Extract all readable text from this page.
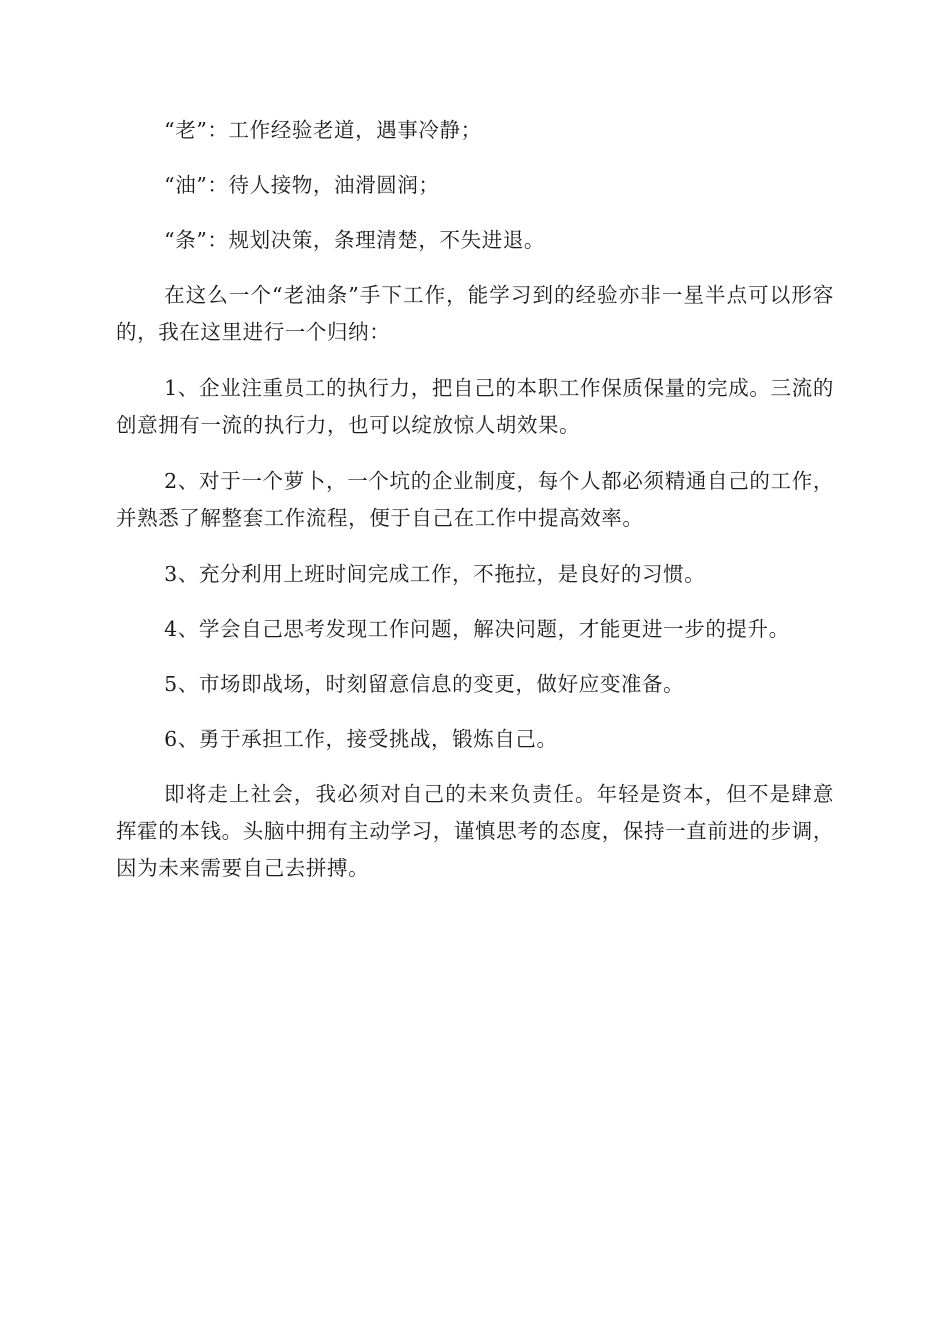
“老”：工作经验老道，遇事冷静；

“油”：待人接物，油滑圆润；

“条”：规划决策，条理清楚，不失进退。

在这么一个“老油条”手下工作，能学习到的经验亦非一星半点可以形容的，我在这里进行一个归纳：

1、企业注重员工的执行力，把自己的本职工作保质保量的完成。三流的创意拥有一流的执行力，也可以绽放惊人胡效果。

2、对于一个萝卜，一个坑的企业制度，每个人都必须精通自己的工作，并熟悉了解整套工作流程，便于自己在工作中提高效率。

3、充分利用上班时间完成工作，不拖拉，是良好的习惯。

4、学会自己思考发现工作问题，解决问题，才能更进一步的提升。

5、市场即战场，时刻留意信息的变更，做好应变准备。

6、勇于承担工作，接受挑战，锻炼自己。

即将走上社会，我必须对自己的未来负责任。年轻是资本，但不是肆意挥霍的本钱。头脑中拥有主动学习，谨慎思考的态度，保持一直前进的步调，因为未来需要自己去拼搏。
